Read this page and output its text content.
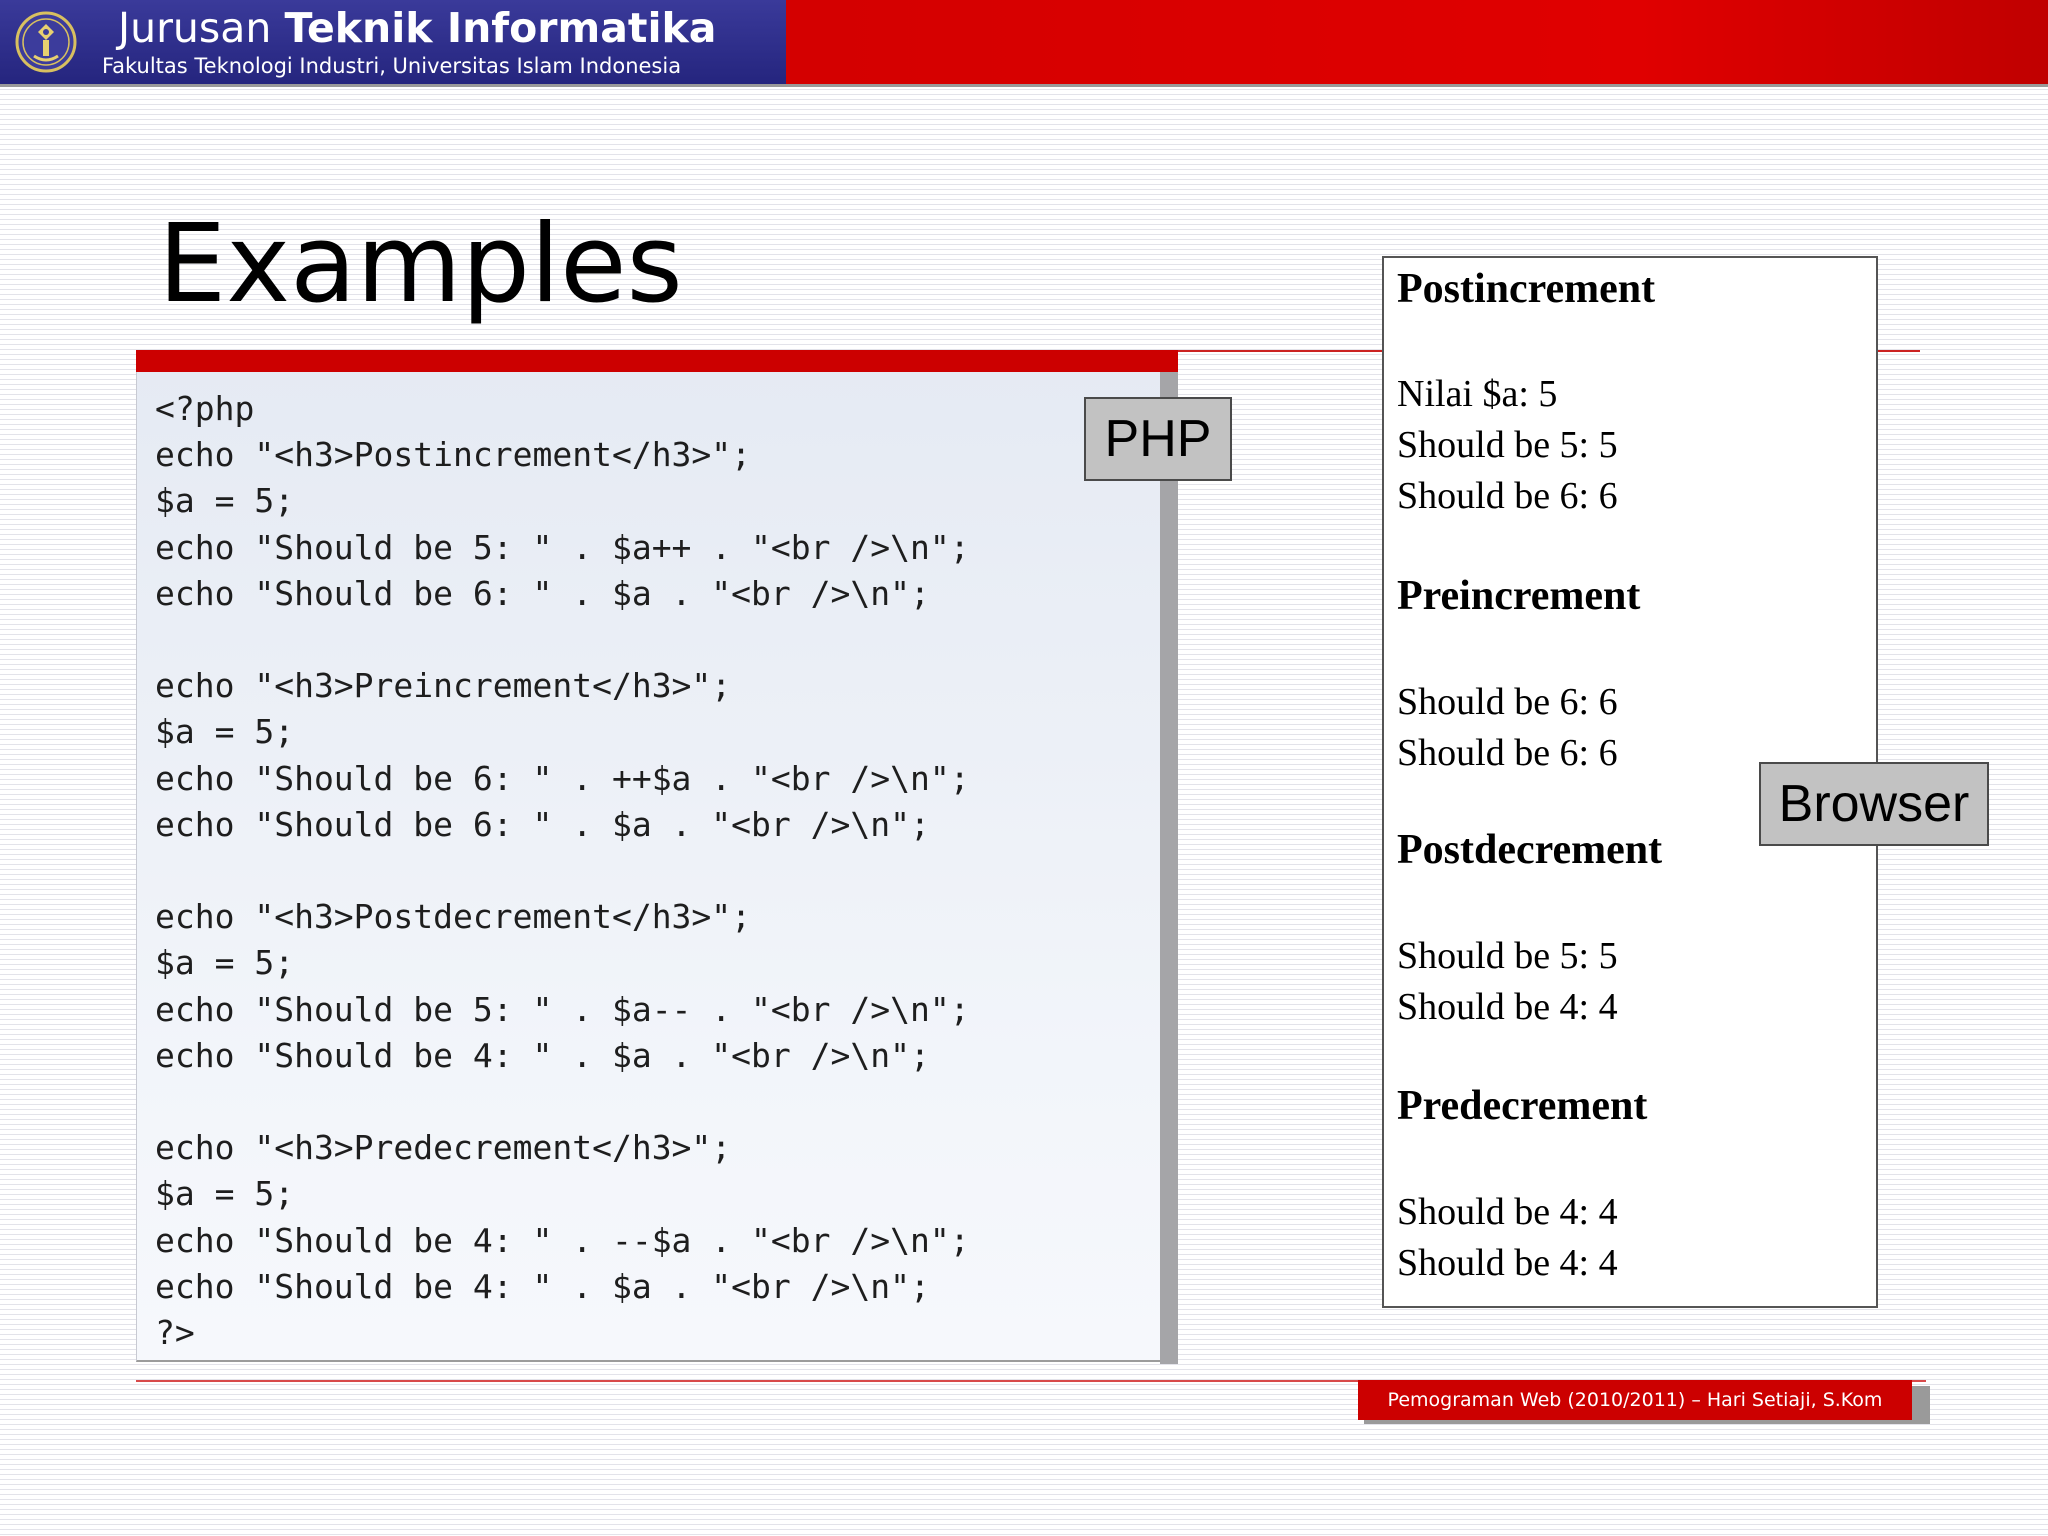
Jurusan Teknik Informatika
Fakultas Teknologi Industri, Universitas Islam Indonesia
Examples
<?php
echo "<h3>Postincrement</h3>";
$a = 5;
echo "Should be 5: " . $a++ . "<br />\n";
echo "Should be 6: " . $a . "<br />\n";

echo "<h3>Preincrement</h3>";
$a = 5;
echo "Should be 6: " . ++$a . "<br />\n";
echo "Should be 6: " . $a . "<br />\n";

echo "<h3>Postdecrement</h3>";
$a = 5;
echo "Should be 5: " . $a-- . "<br />\n";
echo "Should be 4: " . $a . "<br />\n";

echo "<h3>Predecrement</h3>";
$a = 5;
echo "Should be 4: " . --$a . "<br />\n";
echo "Should be 4: " . $a . "<br />\n";
?>
PHP
Postincrement
Nilai $a: 5
Should be 5: 5
Should be 6: 6
Preincrement
Should be 6: 6
Should be 6: 6
Postdecrement
Should be 5: 5
Should be 4: 4
Predecrement
Should be 4: 4
Should be 4: 4
Browser
Pemograman Web (2010/2011) – Hari Setiaji, S.Kom
